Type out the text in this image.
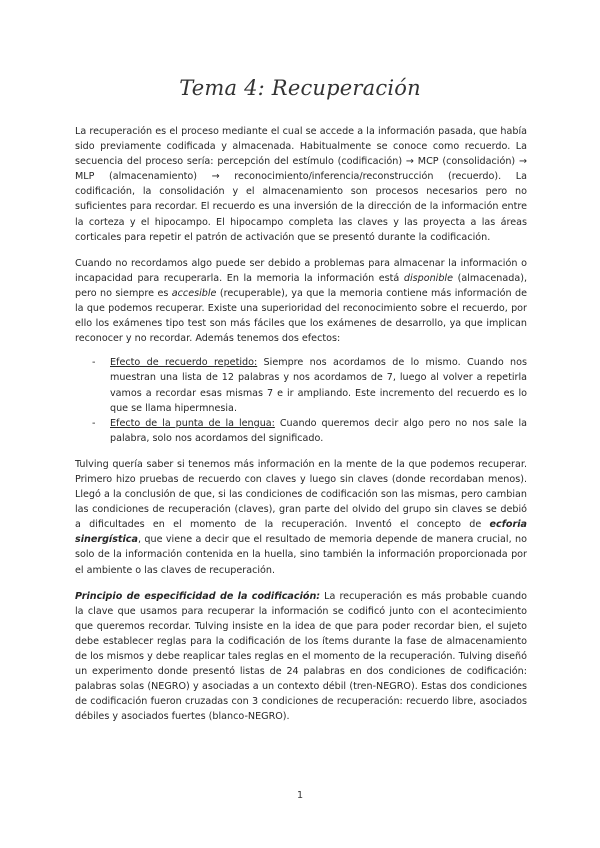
Tema 4: Recuperación

La recuperación es el proceso mediante el cual se accede a la información pasada, que había sido previamente codificada y almacenada. Habitualmente se conoce como recuerdo. La secuencia del proceso sería: percepción del estímulo (codificación) → MCP (consolidación) → MLP (almacenamiento) → reconocimiento/inferencia/reconstrucción (recuerdo). La codificación, la consolidación y el almacenamiento son procesos necesarios pero no suficientes para recordar. El recuerdo es una inversión de la dirección de la información entre la corteza y el hipocampo. El hipocampo completa las claves y las proyecta a las áreas corticales para repetir el patrón de activación que se presentó durante la codificación.

Cuando no recordamos algo puede ser debido a problemas para almacenar la información o incapacidad para recuperarla. En la memoria la información está disponible (almacenada), pero no siempre es accesible (recuperable), ya que la memoria contiene más información de la que podemos recuperar. Existe una superioridad del reconocimiento sobre el recuerdo, por ello los exámenes tipo test son más fáciles que los exámenes de desarrollo, ya que implican reconocer y no recordar. Además tenemos dos efectos:

- Efecto de recuerdo repetido: Siempre nos acordamos de lo mismo. Cuando nos muestran una lista de 12 palabras y nos acordamos de 7, luego al volver a repetirla vamos a recordar esas mismas 7 e ir ampliando. Este incremento del recuerdo es lo que se llama hipermnesia.
- Efecto de la punta de la lengua: Cuando queremos decir algo pero no nos sale la palabra, solo nos acordamos del significado.

Tulving quería saber si tenemos más información en la mente de la que podemos recuperar. Primero hizo pruebas de recuerdo con claves y luego sin claves (donde recordaban menos). Llegó a la conclusión de que, si las condiciones de codificación son las mismas, pero cambian las condiciones de recuperación (claves), gran parte del olvido del grupo sin claves se debió a dificultades en el momento de la recuperación. Inventó el concepto de ecforia sinergística, que viene a decir que el resultado de memoria depende de manera crucial, no solo de la información contenida en la huella, sino también la información proporcionada por el ambiente o las claves de recuperación.

Principio de especificidad de la codificación: La recuperación es más probable cuando la clave que usamos para recuperar la información se codificó junto con el acontecimiento que queremos recordar. Tulving insiste en la idea de que para poder recordar bien, el sujeto debe establecer reglas para la codificación de los ítems durante la fase de almacenamiento de los mismos y debe reaplicar tales reglas en el momento de la recuperación. Tulving diseñó un experimento donde presentó listas de 24 palabras en dos condiciones de codificación: palabras solas (NEGRO) y asociadas a un contexto débil (tren-NEGRO). Estas dos condiciones de codificación fueron cruzadas con 3 condiciones de recuperación: recuerdo libre, asociados débiles y asociados fuertes (blanco-NEGRO).

1
